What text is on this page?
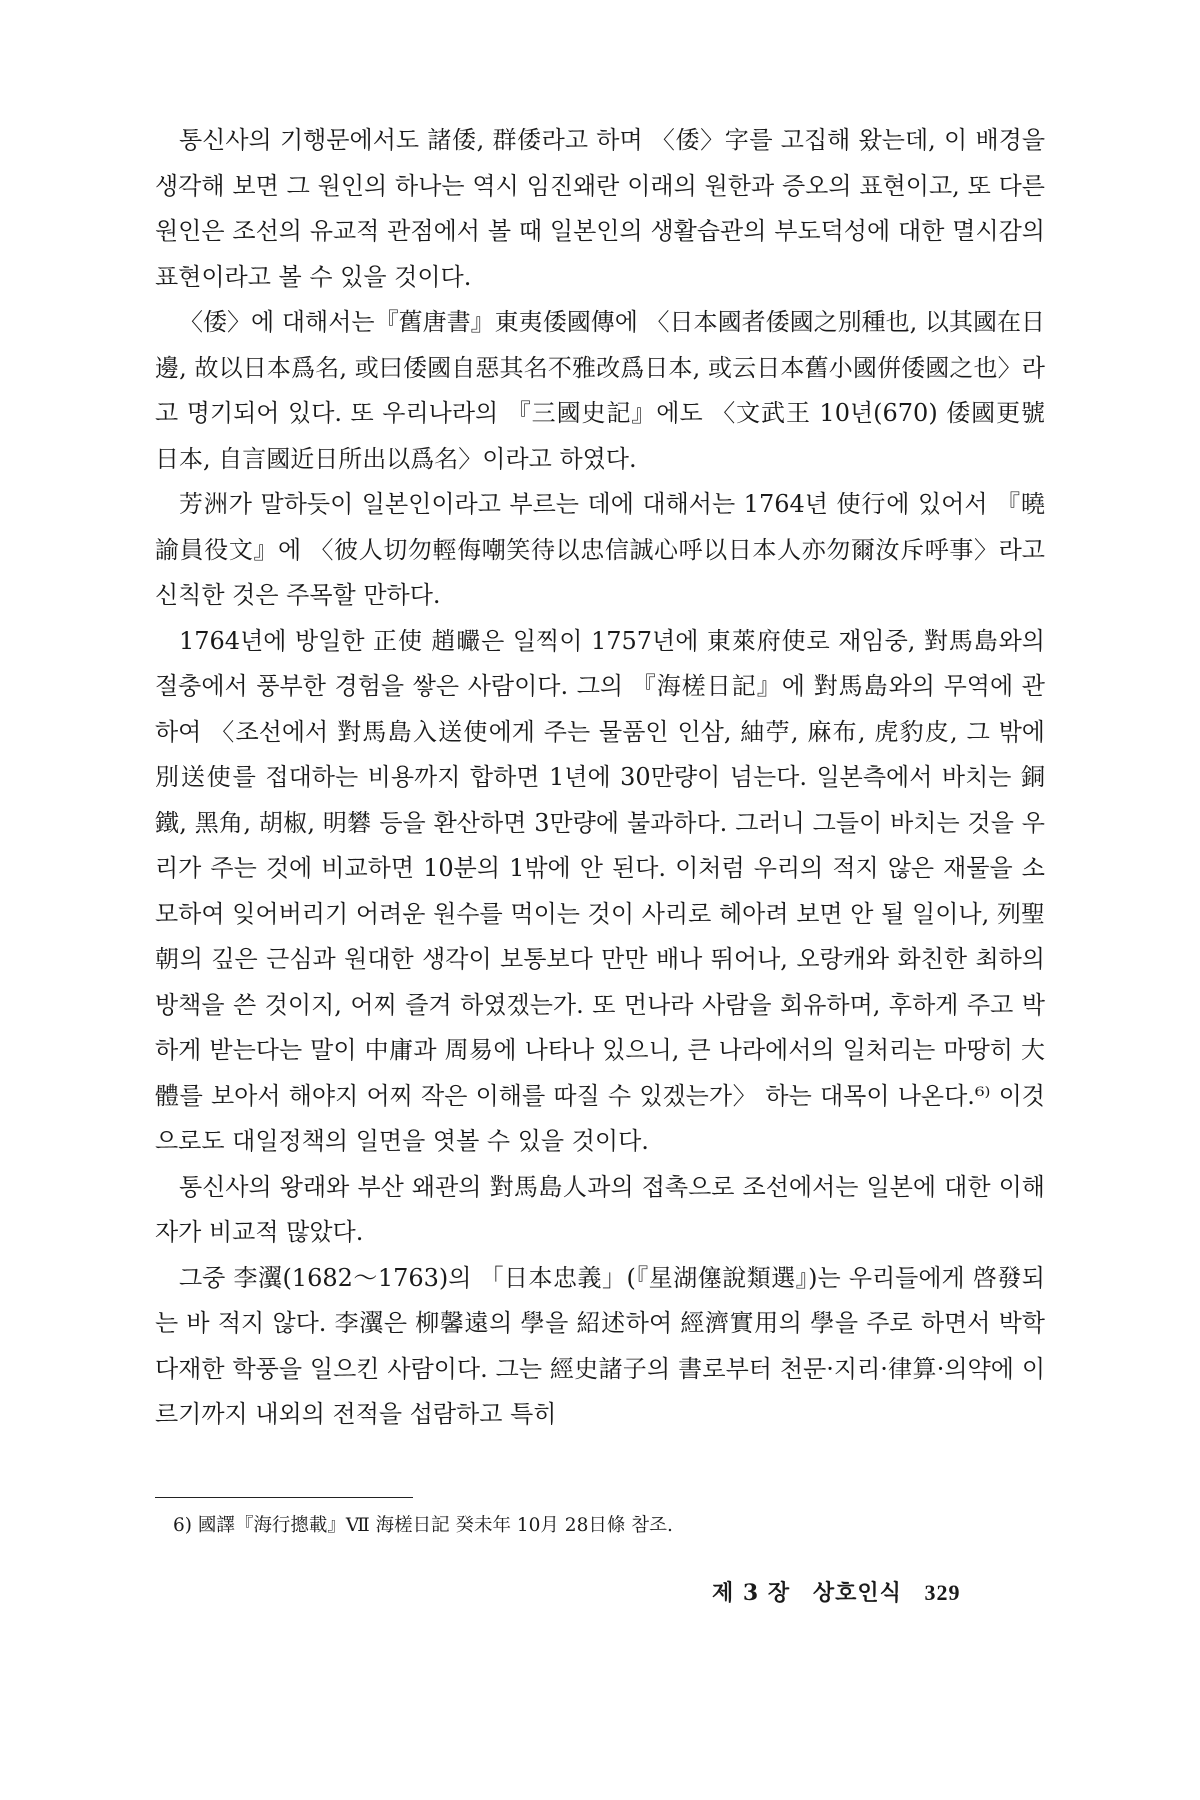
통신사의 기행문에서도 諸倭, 群倭라고 하며 〈倭〉字를 고집해 왔는데, 이 배경을 생각해 보면 그 원인의 하나는 역시 임진왜란 이래의 원한과 증오의 표현이고, 또 다른 원인은 조선의 유교적 관점에서 볼 때 일본인의 생활습관의 부도덕성에 대한 멸시감의 표현이라고 볼 수 있을 것이다.

〈倭〉에 대해서는『舊唐書』東夷倭國傳에 〈日本國者倭國之別種也, 以其國在日邊, 故以日本爲名, 或曰倭國自惡其名不雅改爲日本, 或云日本舊小國倂倭國之也〉라고 명기되어 있다. 또 우리나라의 『三國史記』에도 〈文武王 10년(670) 倭國更號 日本, 自言國近日所出以爲名〉이라고 하였다.

芳洲가 말하듯이 일본인이라고 부르는 데에 대해서는 1764년 使行에 있어서 『曉諭員役文』에 〈彼人切勿輕侮嘲笑待以忠信誠心呼以日本人亦勿爾汝斥呼事〉라고 신칙한 것은 주목할 만하다.

1764년에 방일한 正使 趙曮은 일찍이 1757년에 東萊府使로 재임중, 對馬島와의 절충에서 풍부한 경험을 쌓은 사람이다. 그의 『海槎日記』에 對馬島와의 무역에 관하여 〈조선에서 對馬島入送使에게 주는 물품인 인삼, 紬苧, 麻布, 虎豹皮, 그 밖에 別送使를 접대하는 비용까지 합하면 1년에 30만량이 넘는다. 일본측에서 바치는 銅鐵, 黑角, 胡椒, 明礬 등을 환산하면 3만량에 불과하다. 그러니 그들이 바치는 것을 우리가 주는 것에 비교하면 10분의 1밖에 안 된다. 이처럼 우리의 적지 않은 재물을 소모하여 잊어버리기 어려운 원수를 먹이는 것이 사리로 헤아려 보면 안 될 일이나, 列聖朝의 깊은 근심과 원대한 생각이 보통보다 만만 배나 뛰어나, 오랑캐와 화친한 최하의 방책을 쓴 것이지, 어찌 즐겨 하였겠는가. 또 먼나라 사람을 회유하며, 후하게 주고 박하게 받는다는 말이 中庸과 周易에 나타나 있으니, 큰 나라에서의 일처리는 마땅히 大體를 보아서 해야지 어찌 작은 이해를 따질 수 있겠는가〉 하는 대목이 나온다.⁶⁾ 이것으로도 대일정책의 일면을 엿볼 수 있을 것이다.

통신사의 왕래와 부산 왜관의 對馬島人과의 접촉으로 조선에서는 일본에 대한 이해자가 비교적 많았다.

그중 李瀷(1682～1763)의 「日本忠義」(『星湖僿說類選』)는 우리들에게 啓發되는 바 적지 않다. 李瀷은 柳馨遠의 學을 紹述하여 經濟實用의 學을 주로 하면서 박학다재한 학풍을 일으킨 사람이다. 그는 經史諸子의 書로부터 천문·지리·律算·의약에 이르기까지 내외의 전적을 섭람하고 특히

6) 國譯『海行摠載』Ⅶ 海槎日記 癸未年 10月 28日條 참조.

제 3 장 상호인식 329
